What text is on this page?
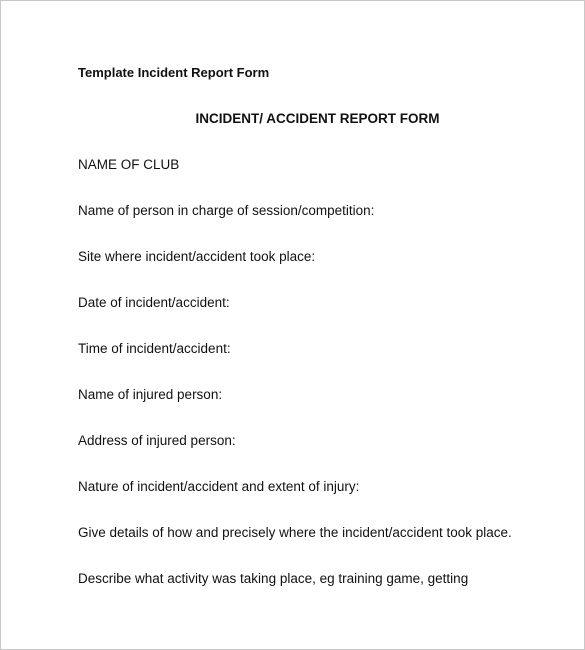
Template Incident Report Form
INCIDENT/ ACCIDENT REPORT FORM
NAME OF CLUB
Name of person in charge of session/competition:
Site where incident/accident took place:
Date of incident/accident:
Time of incident/accident:
Name of injured person:
Address of injured person:
Nature of incident/accident and extent of injury:
Give details of how and precisely where the incident/accident took place.
Describe what activity was taking place, eg training game, getting
